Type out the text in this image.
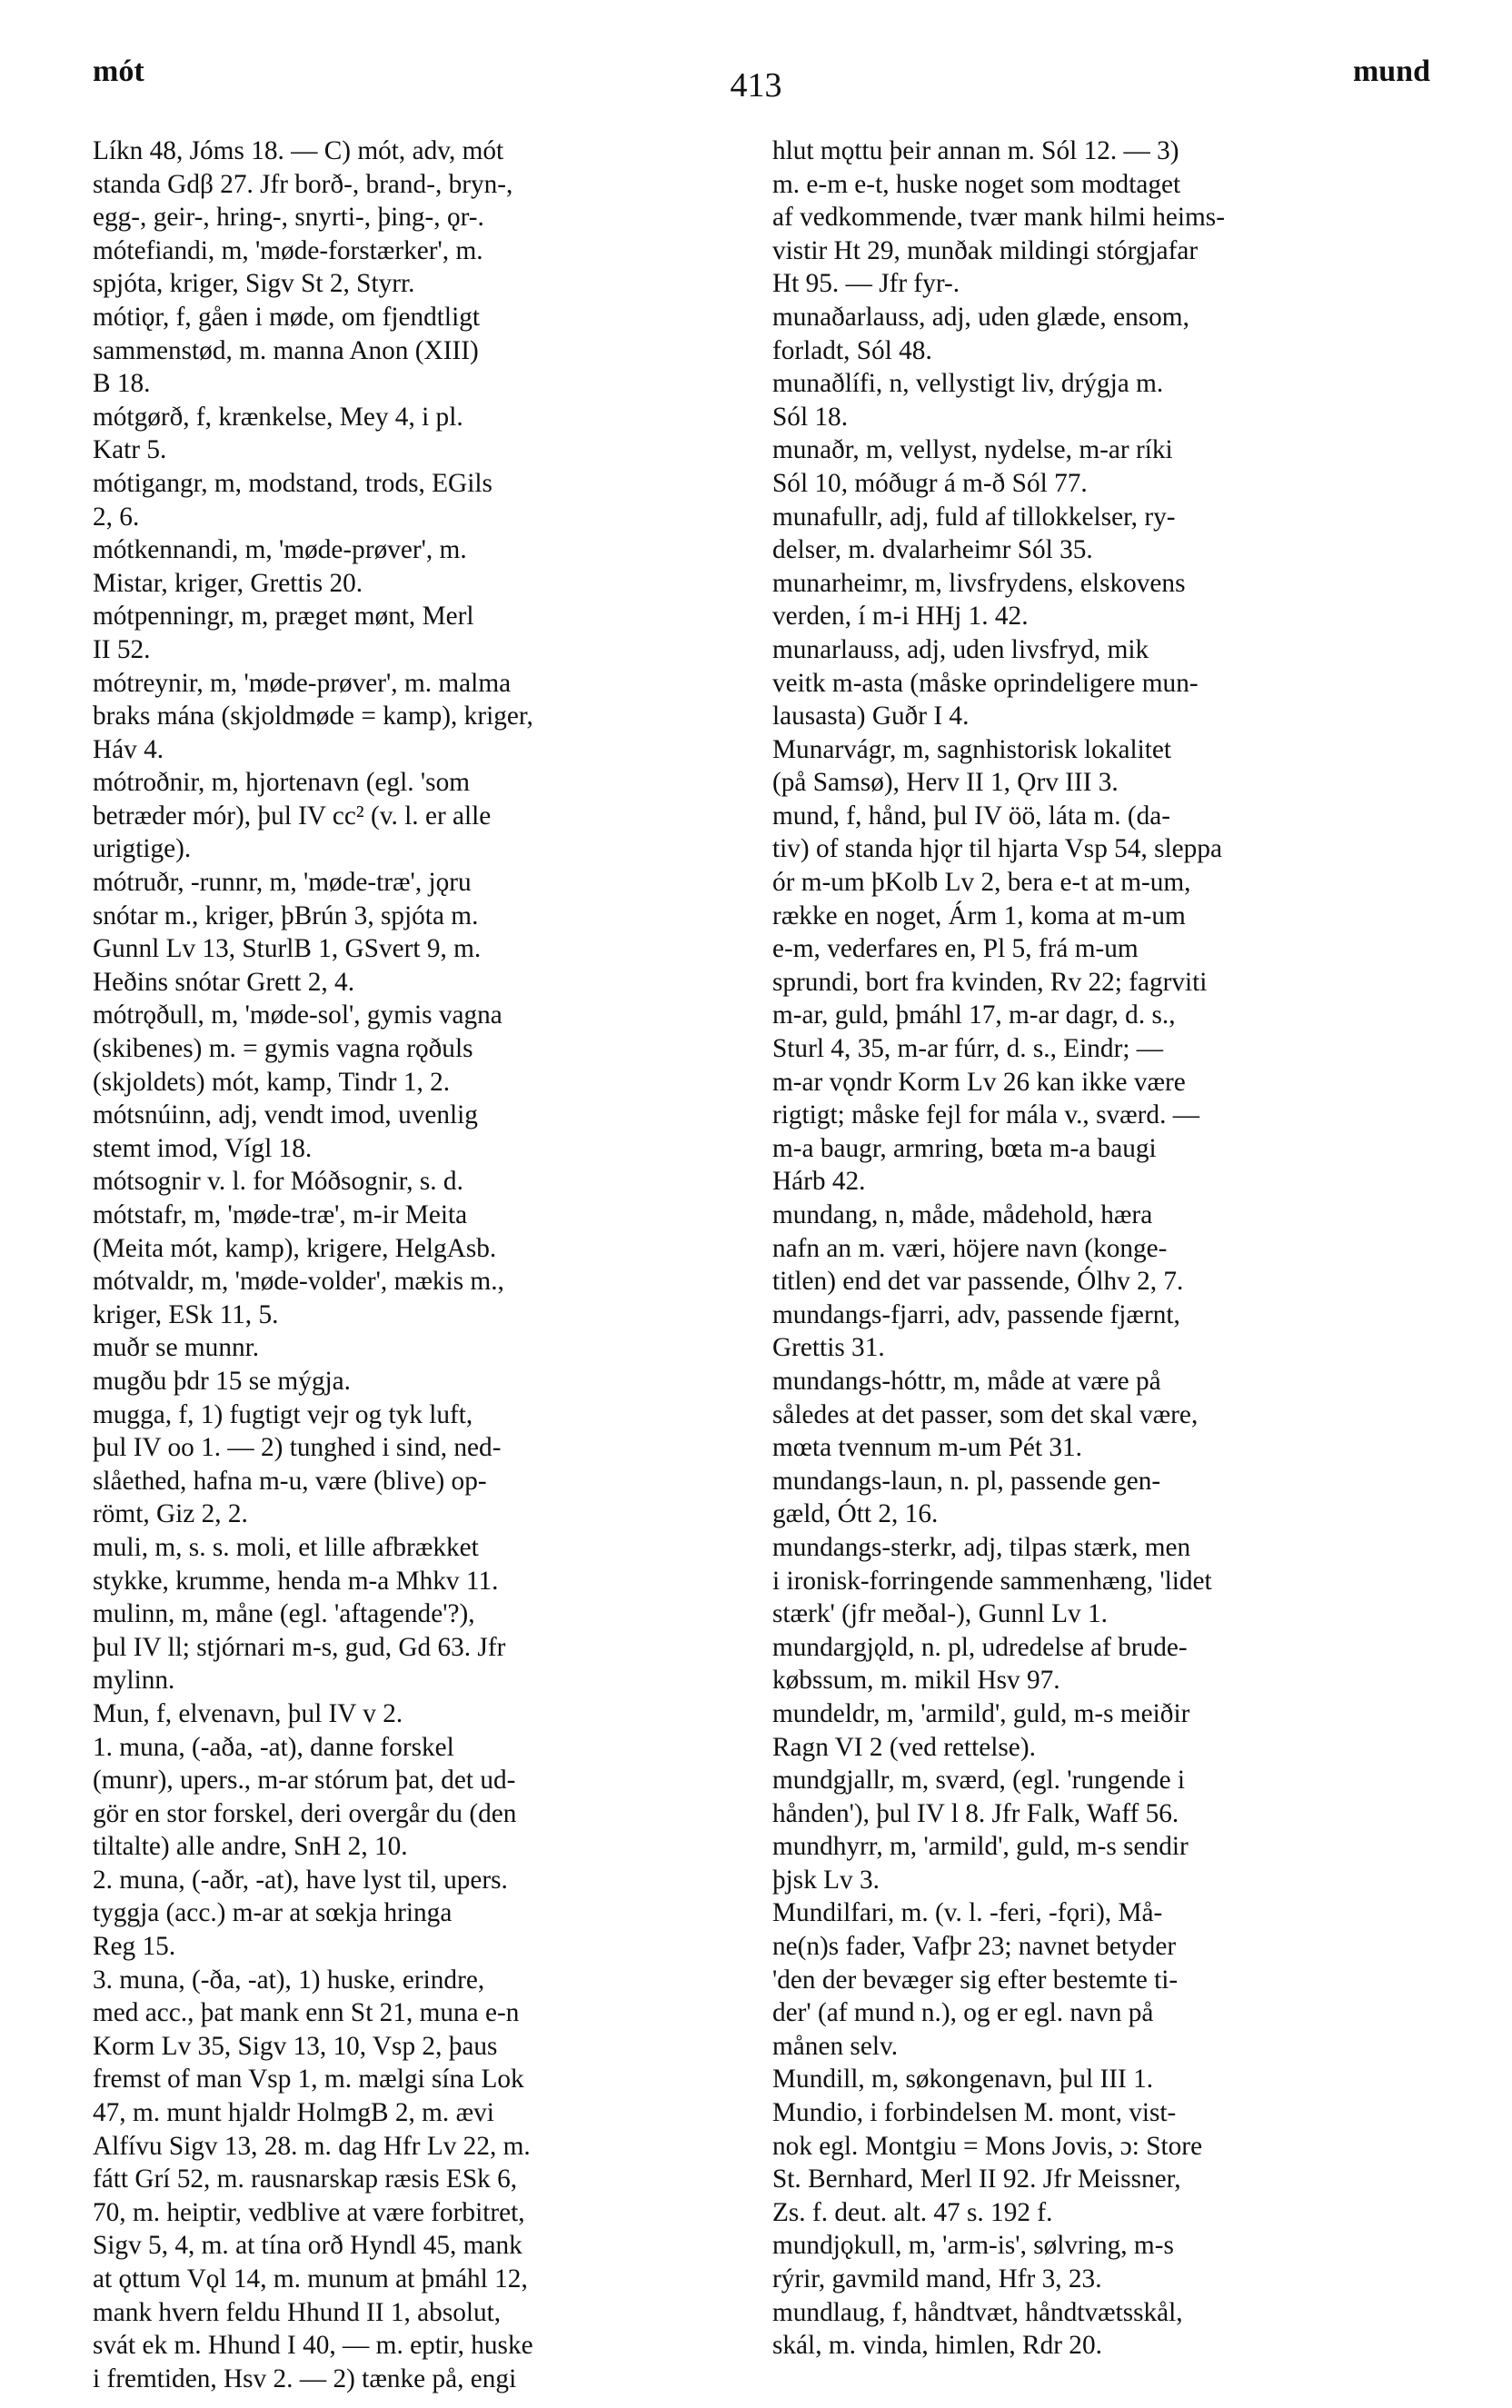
mót	413	mund
Líkn 48, Jóms 18. — C) mót, adv, mót
standa Gdβ 27. Jfr borð-, brand-, bryn-,
egg-, geir-, hring-, snyrti-, þing-, ǫr-.
mótefiandi, m, 'møde-forstærker', m.
spjóta, kriger, Sigv St 2, Styrr.
mótiǫr, f, gåen i møde, om fjendtligt
sammenstød, m. manna Anon (XIII)
B 18.
mótgørð, f, krænkelse, Mey 4, i pl.
Katr 5.
mótigangr, m, modstand, trods, EGils
2, 6.
mótkennandi, m, 'møde-prøver', m.
Mistar, kriger, Grettis 20.
mótpenningr, m, præget mønt, Merl
II 52.
mótreynir, m, 'møde-prøver', m. malma
braks mána (skjoldmøde = kamp), kriger,
Háv 4.
mótroðnir, m, hjortenavn (egl. 'som
betræder mór), þul IV cc² (v. l. er alle
urigtige).
mótruðr, -runnr, m, 'møde-træ', jǫru
snótar m., kriger, þBrún 3, spjóta m.
Gunnl Lv 13, SturlB 1, GSvert 9, m.
Heðins snótar Grett 2, 4.
mótrǫðull, m, 'møde-sol', gymis vagna
(skibenes) m. = gymis vagna rǫðuls
(skjoldets) mót, kamp, Tindr 1, 2.
mótsnúinn, adj, vendt imod, uvenlig
stemt imod, Vígl 18.
mótsognir v. l. for Móðsognir, s. d.
mótstafr, m, 'møde-træ', m-ir Meita
(Meita mót, kamp), krigere, HelgAsb.
mótvaldr, m, 'møde-volder', mækis m.,
kriger, ESk 11, 5.
muðr se munnr.
mugðu þdr 15 se mýgja.
mugga, f, 1) fugtigt vejr og tyk luft,
þul IV oo 1. — 2) tunghed i sind, ned-
slåethed, hafna m-u, være (blive) op-
römt, Giz 2, 2.
muli, m, s. s. moli, et lille afbrækket
stykke, krumme, henda m-a Mhkv 11.
mulinn, m, måne (egl. 'aftagende'?),
þul IV ll; stjórnari m-s, gud, Gd 63. Jfr
mylinn.
Mun, f, elvenavn, þul IV v 2.
1. muna, (-aða, -at), danne forskel
(munr), upers., m-ar stórum þat, det ud-
gör en stor forskel, deri overgår du (den
tiltalte) alle andre, SnH 2, 10.
2. muna, (-aðr, -at), have lyst til, upers.
tyggja (acc.) m-ar at sœkja hringa
Reg 15.
3. muna, (-ða, -at), 1) huske, erindre,
med acc., þat mank enn St 21, muna e-n
Korm Lv 35, Sigv 13, 10, Vsp 2, þaus
fremst of man Vsp 1, m. mælgi sína Lok
47, m. munt hjaldr HolmgB 2, m. ævi
Alfívu Sigv 13, 28. m. dag Hfr Lv 22, m.
fátt Grí 52, m. rausnarskap ræsis ESk 6,
70, m. heiptir, vedblive at være forbitret,
Sigv 5, 4, m. at tína orð Hyndl 45, mank
at ǫttum Vǫl 14, m. munum at þmáhl 12,
mank hvern feldu Hhund II 1, absolut,
svát ek m. Hhund I 40, — m. eptir, huske
i fremtiden, Hsv 2. — 2) tænke på, engi
hlut mǫttu þeir annan m. Sól 12. — 3)
m. e-m e-t, huske noget som modtaget
af vedkommende, tvær mank hilmi heims-
vistir Ht 29, munðak mildingi stórgjafar
Ht 95. — Jfr fyr-.
munaðarlauss, adj, uden glæde, ensom,
forladt, Sól 48.
munaðlífi, n, vellystigt liv, drýgja m.
Sól 18.
munaðr, m, vellyst, nydelse, m-ar ríki
Sól 10, móðugr á m-ð Sól 77.
munafullr, adj, fuld af tillokkelser, ry-
delser, m. dvalarheimr Sól 35.
munarheimr, m, livsfrydens, elskovens
verden, í m-i HHj 1. 42.
munarlauss, adj, uden livsfryd, mik
veitk m-asta (måske oprindeligere mun-
lausasta) Guðr I 4.
Munarvágr, m, sagnhistorisk lokalitet
(på Samsø), Herv II 1, Ǫrv III 3.
mund, f, hånd, þul IV öö, láta m. (da-
tiv) of standa hjǫr til hjarta Vsp 54, sleppa
ór m-um þKolb Lv 2, bera e-t at m-um,
række en noget, Árm 1, koma at m-um
e-m, vederfares en, Pl 5, frá m-um
sprundi, bort fra kvinden, Rv 22; fagrviti
m-ar, guld, þmáhl 17, m-ar dagr, d. s.,
Sturl 4, 35, m-ar fúrr, d. s., Eindr; —
m-ar vǫndr Korm Lv 26 kan ikke være
rigtigt; måske fejl for mála v., sværd. —
m-a baugr, armring, bœta m-a baugi
Hárb 42.
mundang, n, måde, mådehold, hæra
nafn an m. væri, höjere navn (konge-
titlen) end det var passende, Ólhv 2, 7.
mundangs-fjarri, adv, passende fjærnt,
Grettis 31.
mundangs-hóttr, m, måde at være på
således at det passer, som det skal være,
mœta tvennum m-um Pét 31.
mundangs-laun, n. pl, passende gen-
gæld, Ótt 2, 16.
mundangs-sterkr, adj, tilpas stærk, men
i ironisk-forringende sammenhæng, 'lidet
stærk' (jfr meðal-), Gunnl Lv 1.
mundargjǫld, n. pl, udredelse af brude-
købssum, m. mikil Hsv 97.
mundeldr, m, 'armild', guld, m-s meiðir
Ragn VI 2 (ved rettelse).
mundgjallr, m, sværd, (egl. 'rungende i
hånden'), þul IV l 8. Jfr Falk, Waff 56.
mundhyrr, m, 'armild', guld, m-s sendir
þjsk Lv 3.
Mundilfari, m. (v. l. -feri, -fǫri), Må-
ne(n)s fader, Vafþr 23; navnet betyder
'den der bevæger sig efter bestemte ti-
der' (af mund n.), og er egl. navn på
månen selv.
Mundill, m, søkongenavn, þul III 1.
Mundio, i forbindelsen M. mont, vist-
nok egl. Montgiu = Mons Jovis, ɔ: Store
St. Bernhard, Merl II 92. Jfr Meissner,
Zs. f. deut. alt. 47 s. 192 f.
mundjǫkull, m, 'arm-is', sølvring, m-s
rýrir, gavmild mand, Hfr 3, 23.
mundlaug, f, håndtvæt, håndtvætsskål,
skál, m. vinda, himlen, Rdr 20.
